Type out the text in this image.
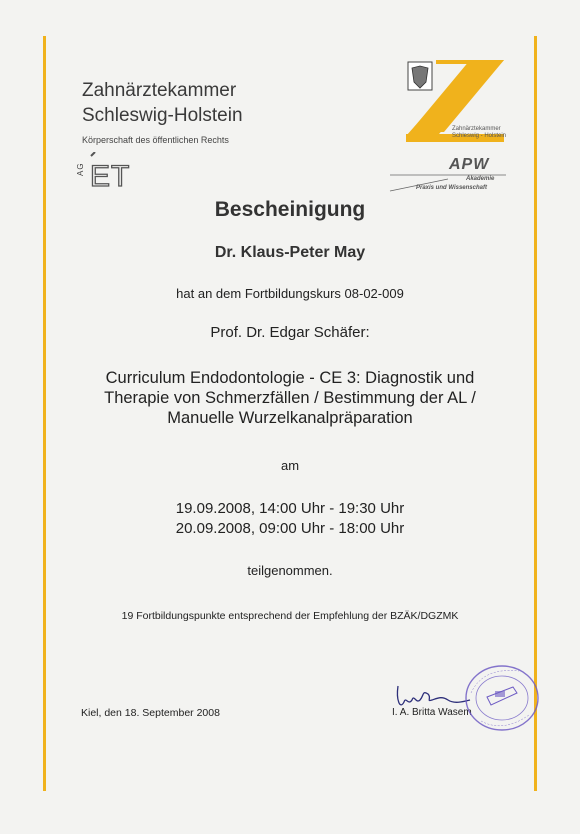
Zahnärztekammer
Schleswig-Holstein
Körperschaft des öffentlichen Rechts
AG ET
Zahnärztekammer
Schleswig - Holstein
APW
Akademie
Praxis und Wissenschaft
Bescheinigung
Dr. Klaus-Peter May
hat an dem Fortbildungskurs 08-02-009
Prof. Dr. Edgar Schäfer:
Curriculum Endodontologie - CE 3: Diagnostik und
Therapie von Schmerzfällen / Bestimmung der AL /
Manuelle Wurzelkanalpräparation
am
19.09.2008, 14:00 Uhr - 19:30 Uhr
20.09.2008, 09:00 Uhr - 18:00 Uhr
teilgenommen.
19 Fortbildungspunkte entsprechend der Empfehlung der BZÄK/DGZMK
Kiel, den 18. September 2008	I. A. Britta Wasem
